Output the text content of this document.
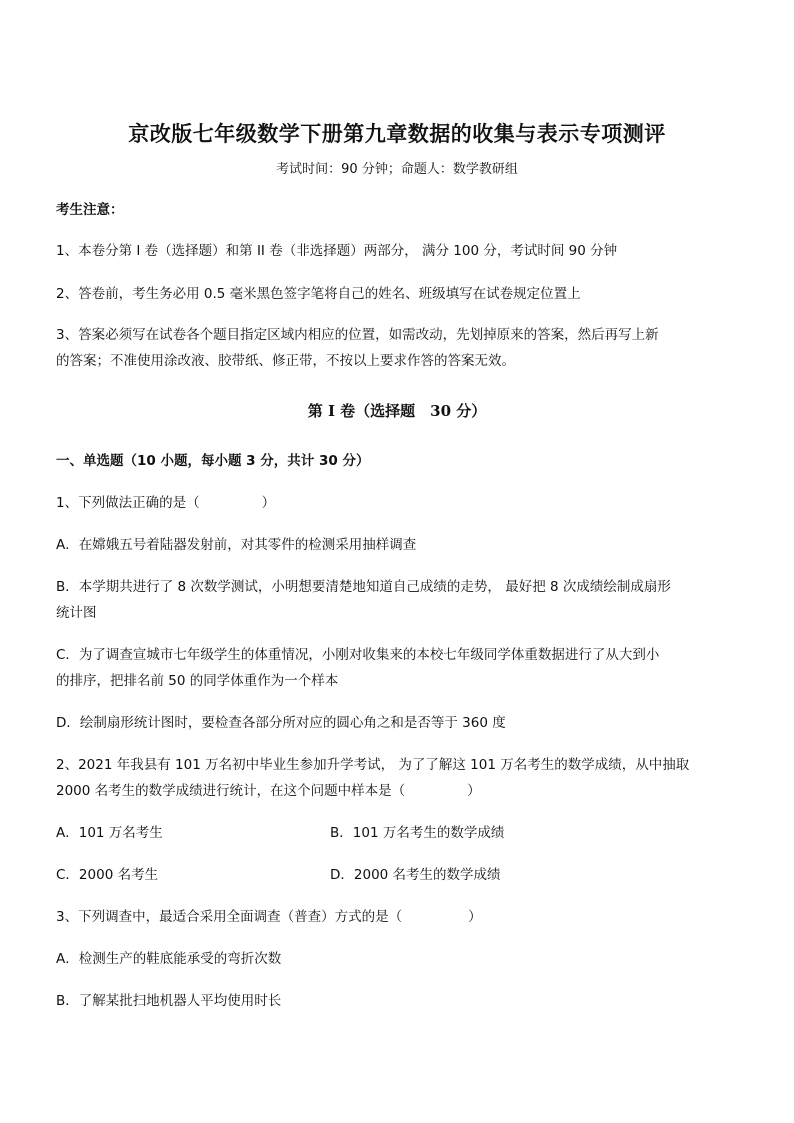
京改版七年级数学下册第九章数据的收集与表示专项测评
考试时间：90 分钟；命题人：数学教研组
考生注意：
1、本卷分第 I 卷（选择题）和第 II 卷（非选择题）两部分， 满分 100 分，考试时间 90 分钟
2、答卷前，考生务必用 0.5 毫米黑色签字笔将自己的姓名、班级填写在试卷规定位置上
3、答案必须写在试卷各个题目指定区域内相应的位置，如需改动，先划掉原来的答案，然后再写上新
的答案；不准使用涂改液、胶带纸、修正带，不按以上要求作答的答案无效。
第 I 卷（选择题　30 分）
一、单选题（10 小题，每小题 3 分，共计 30 分）
1、下列做法正确的是（	）
A．在嫦娥五号着陆器发射前，对其零件的检测采用抽样调查
B．本学期共进行了 8 次数学测试，小明想要清楚地知道自己成绩的走势， 最好把 8 次成绩绘制成扇形
统计图
C．为了调查宣城市七年级学生的体重情况，小刚对收集来的本校七年级同学体重数据进行了从大到小
的排序，把排名前 50 的同学体重作为一个样本
D．绘制扇形统计图时，要检查各部分所对应的圆心角之和是否等于 360 度
2、2021 年我县有 101 万名初中毕业生参加升学考试， 为了了解这 101 万名考生的数学成绩，从中抽取
2000 名考生的数学成绩进行统计，在这个问题中样本是（	）
A．101 万名考生	B．101 万名考生的数学成绩
C．2000 名考生	D．2000 名考生的数学成绩
3、下列调查中，最适合采用全面调查（普查）方式的是（	）
A．检测生产的鞋底能承受的弯折次数
B．了解某批扫地机器人平均使用时长
